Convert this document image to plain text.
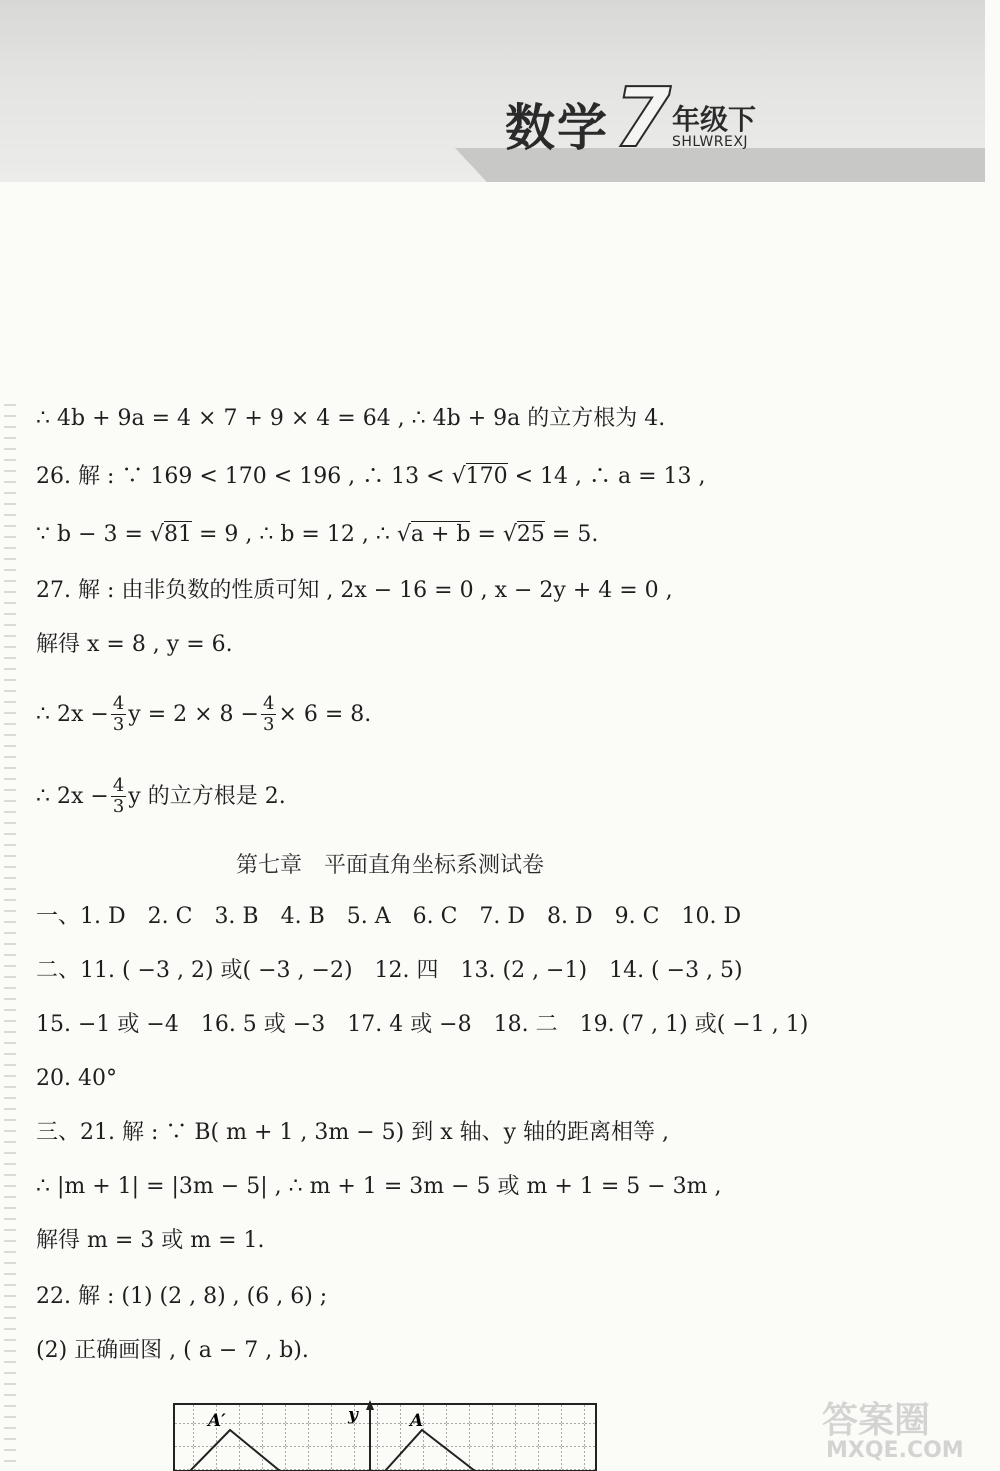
数学 7 年级下
SHLWREXJ
∴ 4b + 9a = 4 × 7 + 9 × 4 = 64 , ∴ 4b + 9a 的立方根为 4.
26. 解 : ∵ 169 < 170 < 196 , ∴ 13 < √170 < 14 , ∴ a = 13 ,
∵ b − 3 = √81 = 9 , ∴ b = 12 , ∴ √a + b = √25 = 5.
27. 解 : 由非负数的性质可知 , 2x − 16 = 0 , x − 2y + 4 = 0 ,
解得 x = 8 , y = 6.
∴ $2x - \frac{4}{3}$ $y = 2 \times 8 - \frac{4}{3} \times 6 = 8$.
∴ $2x - \frac{4}{3}$ y 的立方根是 2.
第七章　平面直角坐标系测试卷
一、1. D　2. C　3. B　4. B　5. A　6. C　7. D　8. D　9. C　10. D
二、11. ( −3 , 2) 或( −3 , −2)　12. 四　13. (2 , −1)　14. ( −3 , 5)
15. −1 或 −4　16. 5 或 −3　17. 4 或 −8　18. 二　19. (7 , 1) 或( −1 , 1)
20. 40°
三、21. 解 : ∵ B( m + 1 , 3m − 5) 到 x 轴、y 轴的距离相等 ,
∴ |m + 1| = |3m − 5| , ∴ m + 1 = 3m − 5 或 m + 1 = 5 − 3m ,
解得 m = 3 或 m = 1.
22. 解 : (1) (2 , 8) , (6 , 6) ;
(2) 正确画图 , ( a − 7 , b).
A′	y	A	答案圈
MXQE.COM
